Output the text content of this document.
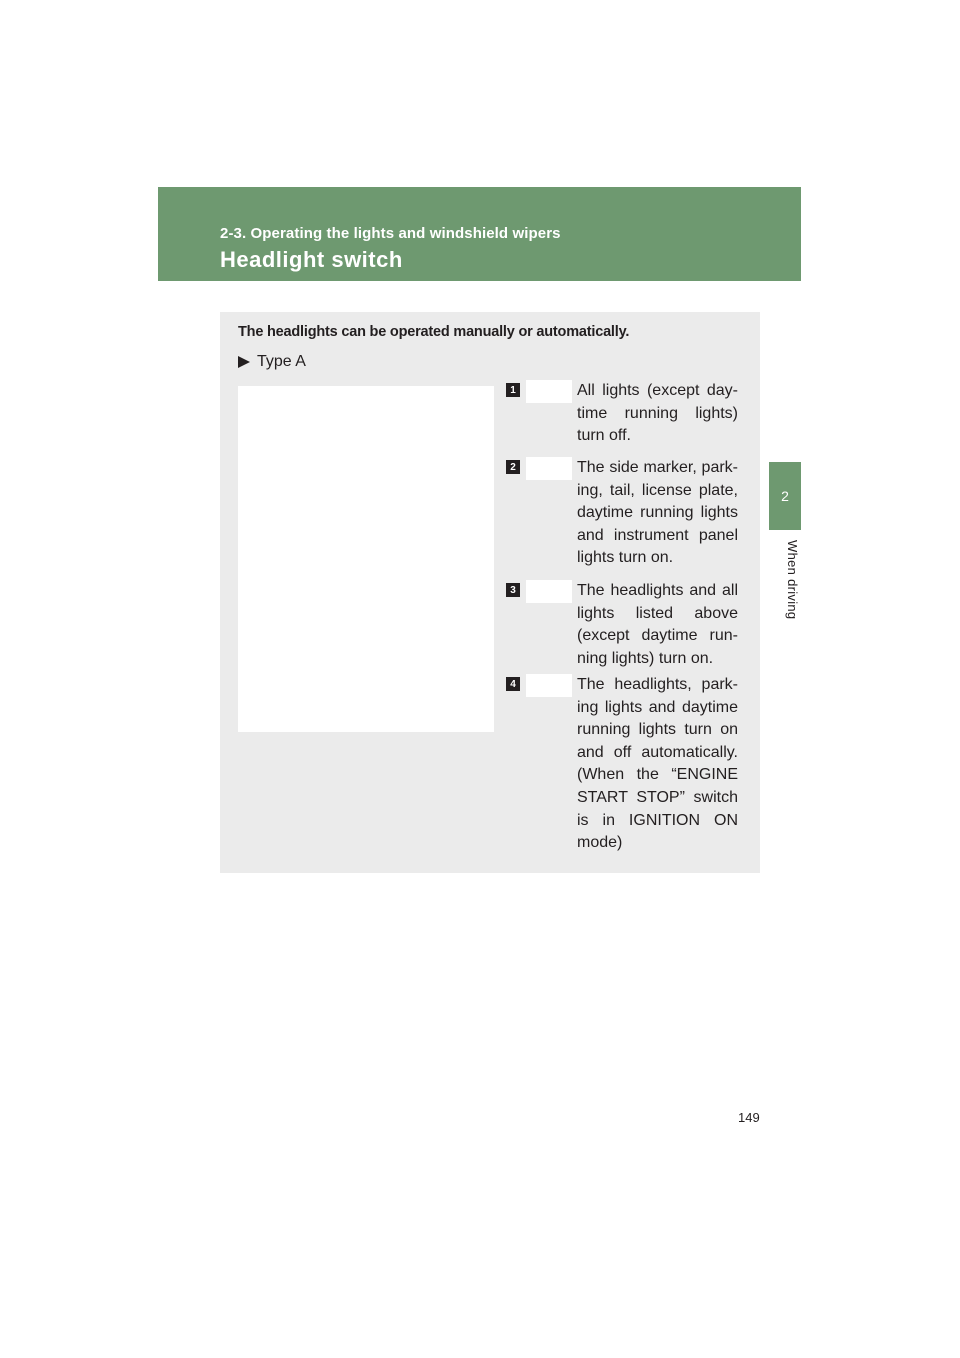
2-3. Operating the lights and windshield wipers
Headlight switch
2
When driving
The headlights can be operated manually or automatically.
Type A
1	All lights (except day-time running lights) turn off.
2	The side marker, park-ing, tail, license plate, daytime running lights and instrument panel lights turn on.
3	The headlights and all lights listed above (except daytime run-ning lights) turn on.
4	The headlights, park-ing lights and daytime running lights turn on and off automatically. (When the “ENGINE START STOP” switch is in IGNITION ON mode)
149
